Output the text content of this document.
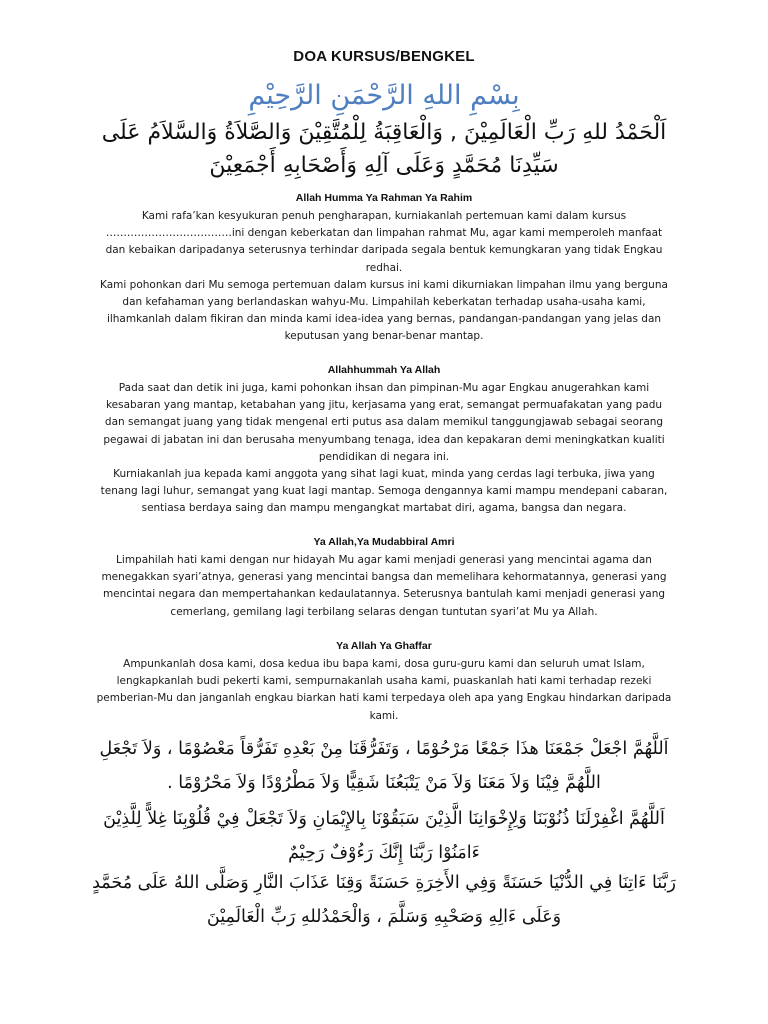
DOA KURSUS/BENGKEL
بِسْمِ اللهِ الرَّحْمَنِ الرَّحِيْمِ
اَلْحَمْدُ للهِ رَبِّ الْعَالَمِيْنَ , وَالْعَاقِبَةُ لِلْمُتَّقِيْنَ وَالصَّلاَةُ وَالسَّلاَمُ عَلَى سَيِّدِنَا مُحَمَّدٍ وَعَلَى آلِهِ وَأَصْحَابِهِ أَجْمَعِيْنَ
Allah Humma Ya Rahman Ya Rahim

Kami rafa’kan kesyukuran penuh pengharapan, kurniakanlah pertemuan kami dalam kursus ………………………………ini dengan keberkatan dan limpahan rahmat Mu, agar kami memperoleh manfaat dan kebaikan daripadanya seterusnya terhindar daripada segala bentuk kemungkaran yang tidak Engkau redhai.

Kami pohonkan dari Mu semoga pertemuan dalam kursus ini kami dikurniakan limpahan ilmu yang berguna dan kefahaman yang berlandaskan wahyu-Mu. Limpahilah keberkatan terhadap usaha-usaha kami, ilhamkanlah dalam fikiran dan minda kami idea-idea yang bernas, pandangan-pandangan yang jelas dan keputusan yang benar-benar mantap.

Allahhummah Ya Allah

Pada saat dan detik ini juga, kami pohonkan ihsan dan pimpinan-Mu agar Engkau anugerahkan kami kesabaran yang mantap, ketabahan yang jitu, kerjasama yang erat, semangat permuafakatan yang padu dan semangat juang yang tidak mengenal erti putus asa dalam memikul tanggungjawab sebagai seorang pegawai di jabatan ini dan berusaha menyumbang tenaga, idea dan kepakaran demi meningkatkan kualiti pendidikan di negara ini.

Kurniakanlah jua kepada kami anggota yang sihat lagi kuat, minda yang cerdas lagi terbuka, jiwa yang tenang lagi luhur, semangat yang kuat lagi mantap. Semoga dengannya kami mampu mendepani cabaran, sentiasa berdaya saing dan mampu mengangkat martabat diri, agama, bangsa dan negara.

Ya Allah,Ya Mudabbiral Amri

Limpahilah hati kami dengan nur hidayah Mu agar kami menjadi generasi yang mencintai agama dan menegakkan syari’atnya, generasi yang mencintai bangsa dan memelihara kehormatannya, generasi yang mencintai negara dan mempertahankan kedaulatannya. Seterusnya bantulah kami menjadi generasi yang cemerlang, gemilang lagi terbilang selaras dengan tuntutan syari’at Mu ya Allah.

Ya Allah Ya Ghaffar

Ampunkanlah dosa kami, dosa kedua ibu bapa kami, dosa guru-guru kami dan seluruh umat Islam, lengkapkanlah budi pekerti kami, sempurnakanlah usaha kami, puaskanlah hati kami terhadap rezeki pemberian-Mu dan janganlah engkau biarkan hati kami terpedaya oleh apa yang Engkau hindarkan daripada kami.

اَللَّهُمَّ اجْعَلْ جَمْعَنَا هذَا جَمْعًا مَرْحُوْمًا ، وَتَفَرُّقَنَا مِنْ بَعْدِهِ تَفَرُّقاً مَعْصُوْمًا ، وَلاَ تَجْعَلِ اللَّهُمَّ فِيْنَا وَلاَ مَعَنَا وَلاَ مَنْ يَتْبَعُنَا شَقِيًّا وَلاَ مَطْرُوْدًا وَلاَ مَحْرُوْمًا .

اَللَّهُمَّ اغْفِرْلَنَا ذُنُوْبَنَا وَلِإِخْوَانِنَا الَّذِيْنَ سَبَقُوْنَا بِالإِيْمَانِ وَلاَ تَجْعَلْ فِيْ قُلُوْبِنَا غِلاًّ لِلَّذِيْنَ ءَامَنُوْا رَبَّنَا إِنَّكَ رَءُوْفٌ رَحِيْمٌ

رَبَّنَا ءَاتِنَا فِي الدُّنْيَا حَسَنَةً وَفِي الأَخِرَةِ حَسَنَةً وَقِنَا عَذَابَ النَّارِ وَصَلَّى اللهُ عَلَى مُحَمَّدٍ وَعَلَى ءَالِهِ وَصَحْبِهِ وَسَلَّمَ ، وَالْحَمْدُللهِ رَبِّ الْعَالَمِيْنَ
